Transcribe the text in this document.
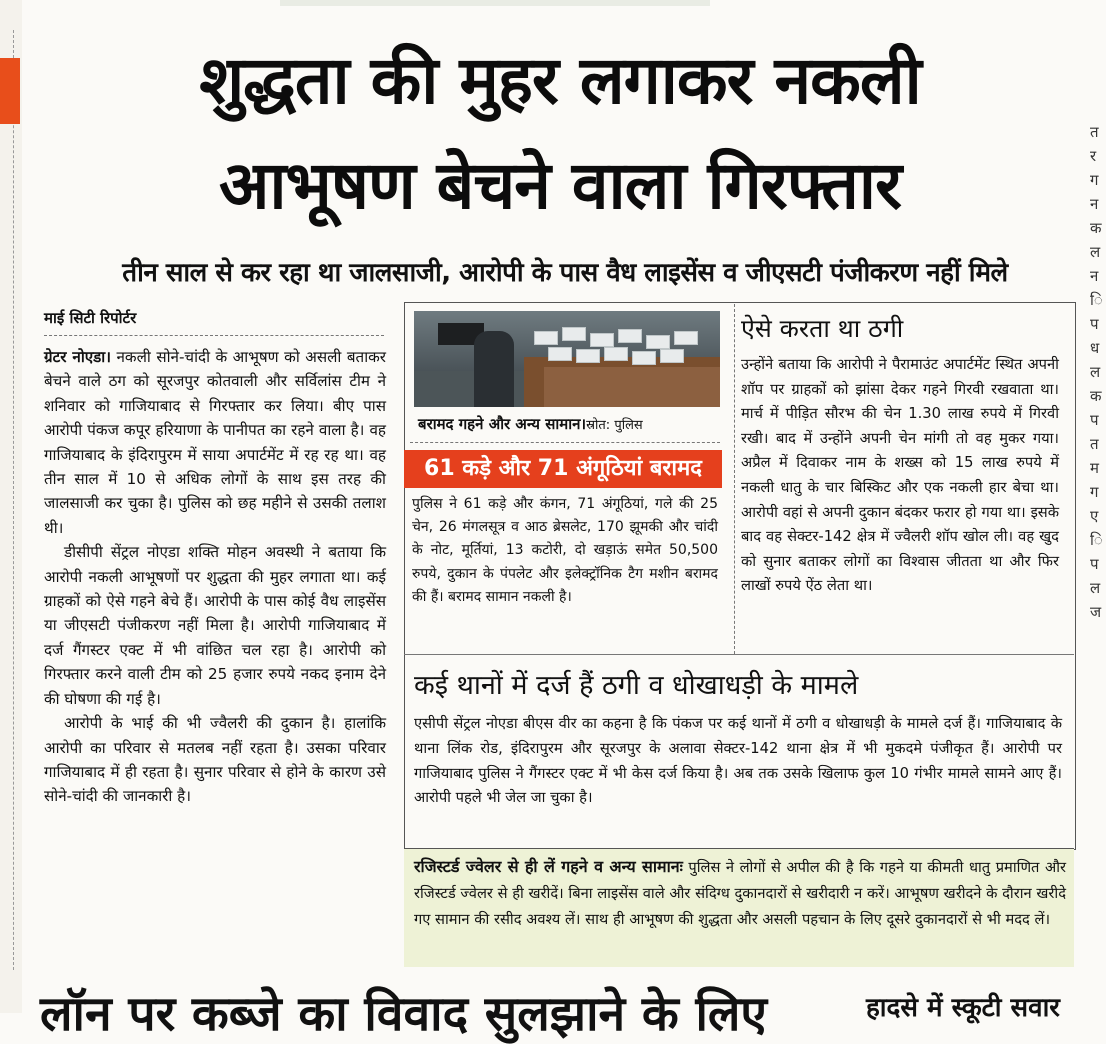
शुद्धता की मुहर लगाकर नकली
आभूषण बेचने वाला गिरफ्तार
तीन साल से कर रहा था जालसाजी, आरोपी के पास वैध लाइसेंस व जीएसटी पंजीकरण नहीं मिले
माई सिटी रिपोर्टर

ग्रेटर नोएडा। नकली सोने-चांदी के आभूषण को असली बताकर बेचने वाले ठग को सूरजपुर कोतवाली और सर्विलांस टीम ने शनिवार को गाजियाबाद से गिरफ्तार कर लिया। बीए पास आरोपी पंकज कपूर हरियाणा के पानीपत का रहने वाला है। वह गाजियाबाद के इंदिरापुरम में साया अपार्टमेंट में रह रह था। वह तीन साल में 10 से अधिक लोगों के साथ इस तरह की जालसाजी कर चुका है। पुलिस को छह महीने से उसकी तलाश थी।

डीसीपी सेंट्रल नोएडा शक्ति मोहन अवस्थी ने बताया कि आरोपी नकली आभूषणों पर शुद्धता की मुहर लगाता था। कई ग्राहकों को ऐसे गहने बेचे हैं। आरोपी के पास कोई वैध लाइसेंस या जीएसटी पंजीकरण नहीं मिला है। आरोपी गाजियाबाद में दर्ज गैंगस्टर एक्ट में भी वांछित चल रहा है। आरोपी को गिरफ्तार करने वाली टीम को 25 हजार रुपये नकद इनाम देने की घोषणा की गई है।

आरोपी के भाई की भी ज्वैलरी की दुकान है। हालांकि आरोपी का परिवार से मतलब नहीं रहता है। उसका परिवार गाजियाबाद में ही रहता है। सुनार परिवार से होने के कारण उसे सोने-चांदी की जानकारी है।

बरामद गहने और अन्य सामान।स्रोत: पुलिस
61 कड़े और 71 अंगूठियां बरामद
पुलिस ने 61 कड़े और कंगन, 71 अंगूठियां, गले की 25 चेन, 26 मंगलसूत्र व आठ ब्रेसलेट, 170 झूमकी और चांदी के नोट, मूर्तियां, 13 कटोरी, दो खड़ाऊं समेत 50,500 रुपये, दुकान के पंपलेट और इलेक्ट्रॉनिक टैग मशीन बरामद की हैं। बरामद सामान नकली है।
ऐसे करता था ठगी
उन्होंने बताया कि आरोपी ने पैरामाउंट अपार्टमेंट स्थित अपनी शॉप पर ग्राहकों को झांसा देकर गहने गिरवी रखवाता था। मार्च में पीड़ित सौरभ की चेन 1.30 लाख रुपये में गिरवी रखी। बाद में उन्होंने अपनी चेन मांगी तो वह मुकर गया। अप्रैल में दिवाकर नाम के शख्स को 15 लाख रुपये में नकली धातु के चार बिस्किट और एक नकली हार बेचा था। आरोपी वहां से अपनी दुकान बंदकर फरार हो गया था। इसके बाद वह सेक्टर-142 क्षेत्र में ज्वैलरी शॉप खोल ली। वह खुद को सुनार बताकर लोगों का विश्वास जीतता था और फिर लाखों रुपये ऐंठ लेता था।
कई थानों में दर्ज हैं ठगी व धोखाधड़ी के मामले
एसीपी सेंट्रल नोएडा बीएस वीर का कहना है कि पंकज पर कई थानों में ठगी व धोखाधड़ी के मामले दर्ज हैं। गाजियाबाद के थाना लिंक रोड, इंदिरापुरम और सूरजपुर के अलावा सेक्टर-142 थाना क्षेत्र में भी मुकदमे पंजीकृत हैं। आरोपी पर गाजियाबाद पुलिस ने गैंगस्टर एक्ट में भी केस दर्ज किया है। अब तक उसके खिलाफ कुल 10 गंभीर मामले सामने आए हैं। आरोपी पहले भी जेल जा चुका है।
रजिस्टर्ड ज्वेलर से ही लें गहने व अन्य सामानः पुलिस ने लोगों से अपील की है कि गहने या कीमती धातु प्रमाणित और रजिस्टर्ड ज्वेलर से ही खरीदें। बिना लाइसेंस वाले और संदिग्ध दुकानदारों से खरीदारी न करें। आभूषण खरीदने के दौरान खरीदे गए सामान की रसीद अवश्य लें। साथ ही आभूषण की शुद्धता और असली पहचान के लिए दूसरे दुकानदारों से भी मदद लें।
लॉन पर कब्जे का विवाद सुलझाने के लिए	हादसे में स्कूटी सवार
त
र
ग
न
क
ल
न
ि
प
ध
ल
क
प
त
म
ग
ए
ि
प
ल
ज
